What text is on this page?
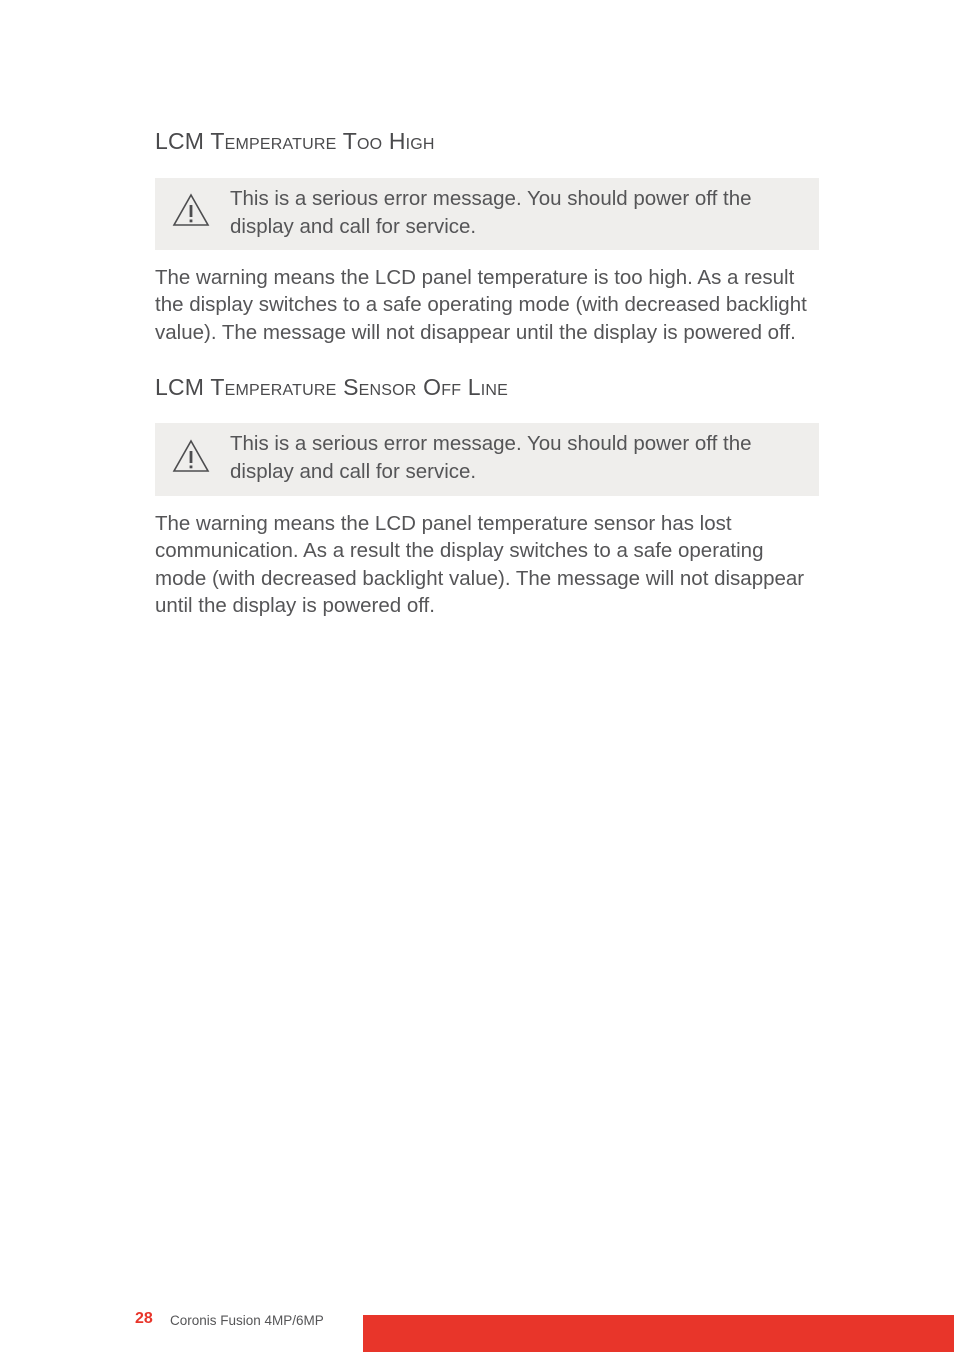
LCM Temperature Too High

This is a serious error message. You should power off the display and call for service.

The warning means the LCD panel temperature is too high. As a result the display switches to a safe operating mode (with decreased backlight value). The message will not disappear until the display is powered off.

LCM Temperature Sensor Off Line

This is a serious error message. You should power off the display and call for service.

The warning means the LCD panel temperature sensor has lost communication. As a result the display switches to a safe operating mode (with decreased backlight value). The message will not disappear until the display is powered off.

28 Coronis Fusion 4MP/6MP
